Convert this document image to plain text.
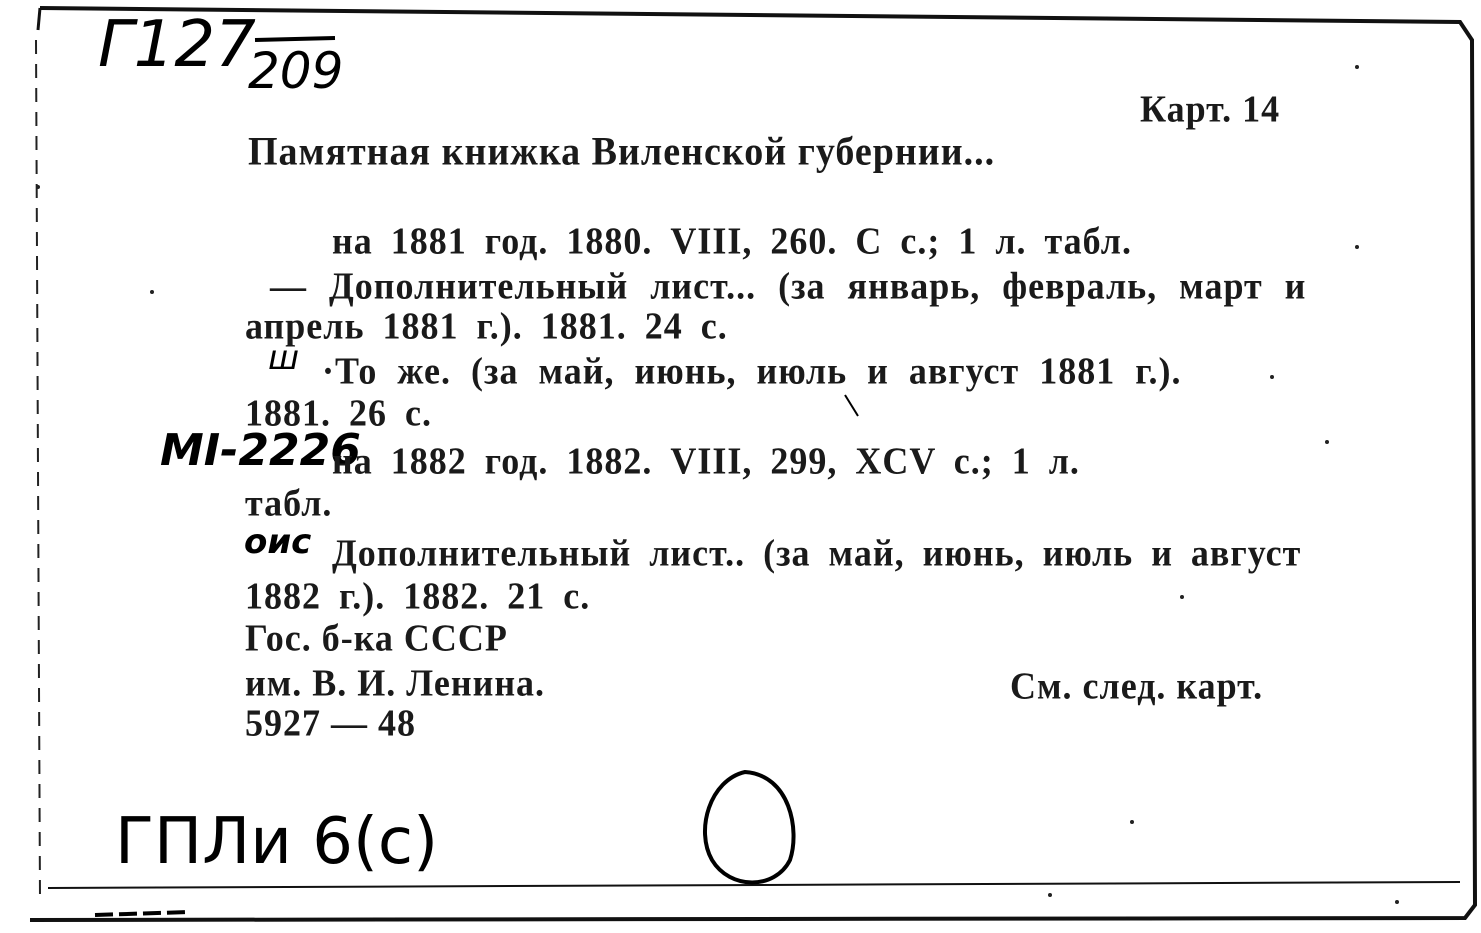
Г127
209
Карт. 14
Памятная книжка Виленской губернии...
на 1881 год. 1880. VIII, 260. C с.; 1 л. табл.
— Дополнительный лист... (за январь, февраль, март и
апрель 1881 г.). 1881. 24 с.
ш ·То же. (за май, июнь, июль и август 1881 г.).
1881. 26 с.
МІ-2226
на 1882 год. 1882. VIII, 299, XCV с.; 1 л.
табл.
оис Дополнительный лист.. (за май, июнь, июль и август
1882 г.). 1882. 21 с.
Гос. б-ка СССР
им. В. И. Ленина.	См. след. карт.
5927 — 48
ГПЛи 6(с)
